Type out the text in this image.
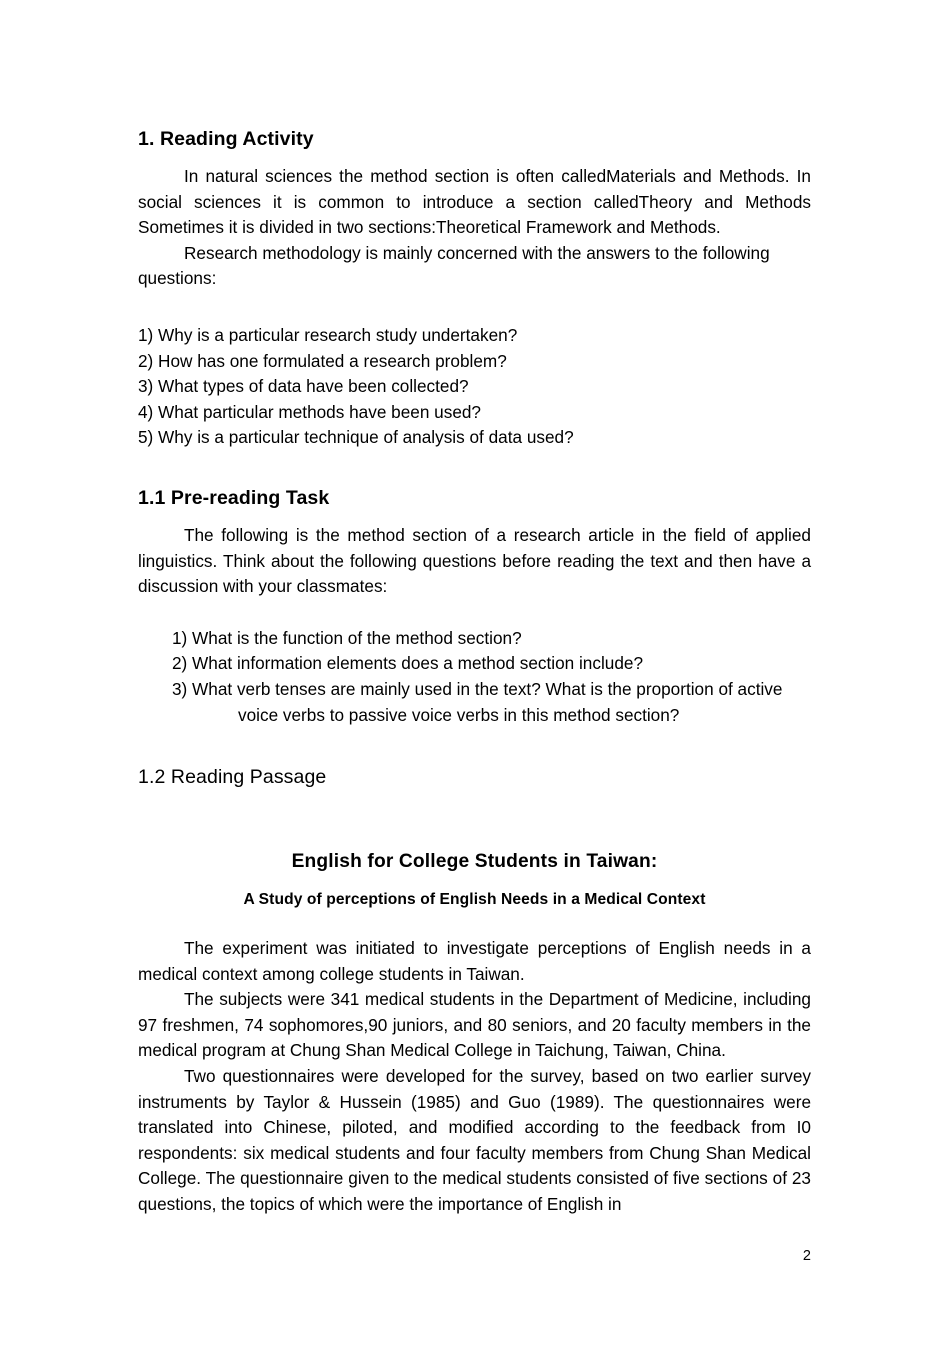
1. Reading Activity

In natural sciences the method section is often calledMaterials and Methods. In social sciences it is common to introduce a section calledTheory and Methods Sometimes it is divided in two sections:Theoretical Framework and Methods.

Research methodology is mainly concerned with the answers to the following questions:

1) Why is a particular research study undertaken?
2) How has one formulated a research problem?
3) What types of data have been collected?
4) What particular methods have been used?
5) Why is a particular technique of analysis of data used?
1.1 Pre-reading Task

The following is the method section of a research article in the field of applied linguistics. Think about the following questions before reading the text and then have a discussion with your classmates:

1) What is the function of the method section?
2) What information elements does a method section include?
3) What verb tenses are mainly used in the text? What is the proportion of active
voice verbs to passive voice verbs in this method section?
1.2 Reading Passage
English for College Students in Taiwan:
A Study of perceptions of English Needs in a Medical Context

The experiment was initiated to investigate perceptions of English needs in a medical context among college students in Taiwan.

The subjects were 341 medical students in the Department of Medicine, including 97 freshmen, 74 sophomores,90 juniors, and 80 seniors, and 20 faculty members in the medical program at Chung Shan Medical College in Taichung, Taiwan, China.

Two questionnaires were developed for the survey, based on two earlier survey instruments by Taylor & Hussein (1985) and Guo (1989). The questionnaires were translated into Chinese, piloted, and modified according to the feedback from I0 respondents: six medical students and four faculty members from Chung Shan Medical College. The questionnaire given to the medical students consisted of five sections of 23 questions, the topics of which were the importance of English in

2
